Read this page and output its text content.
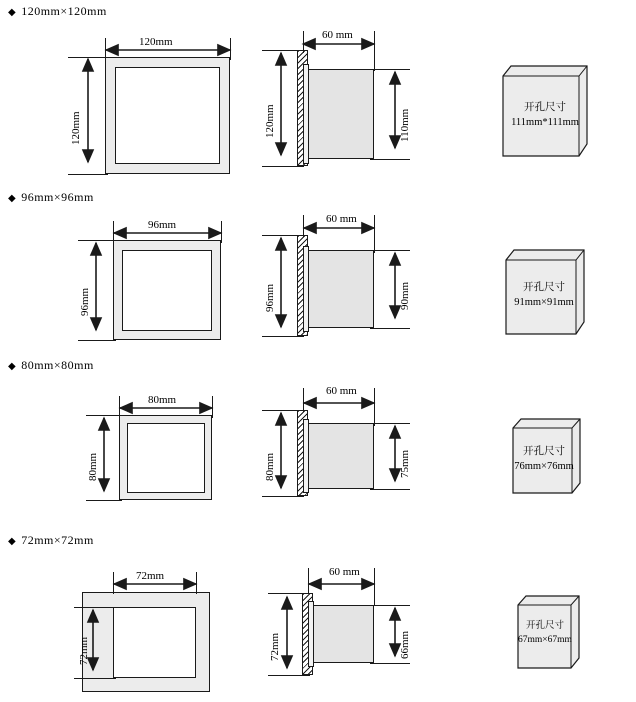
◆ 120mm×120mm
120mm
120mm
60 mm
120mm	110mm
开孔尺寸
111mm*111mm
◆ 96mm×96mm
96mm
96mm
60 mm
96mm	90mm	开孔尺寸
91mm×91mm
◆ 80mm×80mm
80mm
80mm
60 mm
80mm	75mm	开孔尺寸
76mm×76mm
◆ 72mm×72mm
72mm
72mm
60 mm
72mm	66mm
开孔尺寸
67mm×67mm
